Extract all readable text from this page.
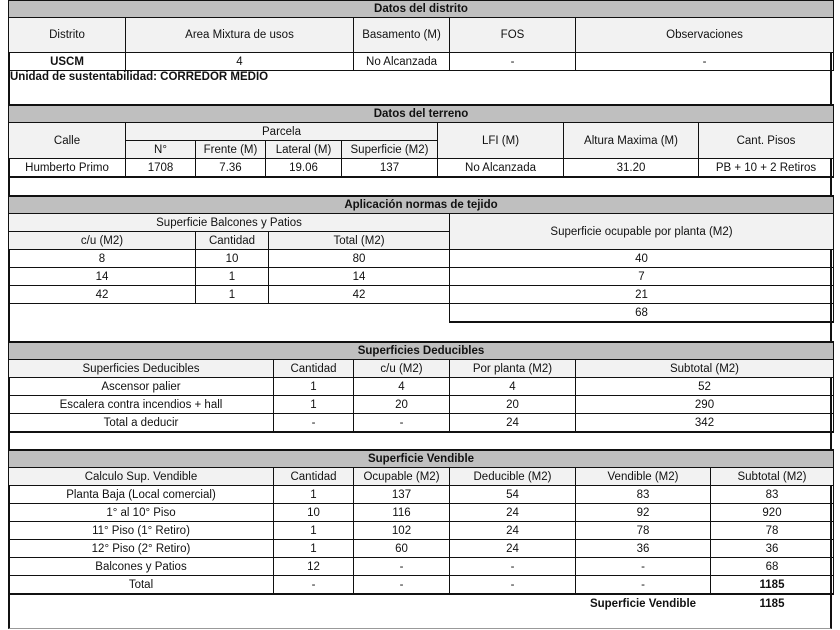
Datos del distrito				
Distrito	Area Mixtura de usos	Basamento (M)	FOS	Observaciones
USCM	4	No Alcanzada	-	-
Unidad de sustentabilidad: CORREDOR MEDIO
Datos del terreno							
Calle	Parcela				LFI (M)	Altura Maxima (M)	Cant. Pisos
	N°	Frente (M)	Lateral (M)	Superficie (M2)			
Humberto Primo	1708	7.36	19.06	137	No Alcanzada	31.20	PB + 10 + 2 Retiros
Aplicación normas de tejido			
Superficie Balcones y Patios			Superficie ocupable por planta (M2)
c/u (M2)	Cantidad	Total (M2)	
8	10	80	40
14	1	14	7
42	1	42	21
			68
Superficies Deducibles				
Superficies Deducibles	Cantidad	c/u (M2)	Por planta (M2)	Subtotal (M2)
Ascensor palier	1	4	4	52
Escalera contra incendios + hall	1	20	20	290
Total a deducir	-	-	24	342
Superficie Vendible					
Calculo Sup. Vendible	Cantidad	Ocupable (M2)	Deducible (M2)	Vendible (M2)	Subtotal (M2)
Planta Baja (Local comercial)	1	137	54	83	83
1° al 10° Piso	10	116	24	92	920
11° Piso (1° Retiro)	1	102	24	78	78
12° Piso (2° Retiro)	1	60	24	36	36
Balcones y Patios	12	-	-	-	68
Total	-	-	-	-	1185
				Superficie Vendible	1185
